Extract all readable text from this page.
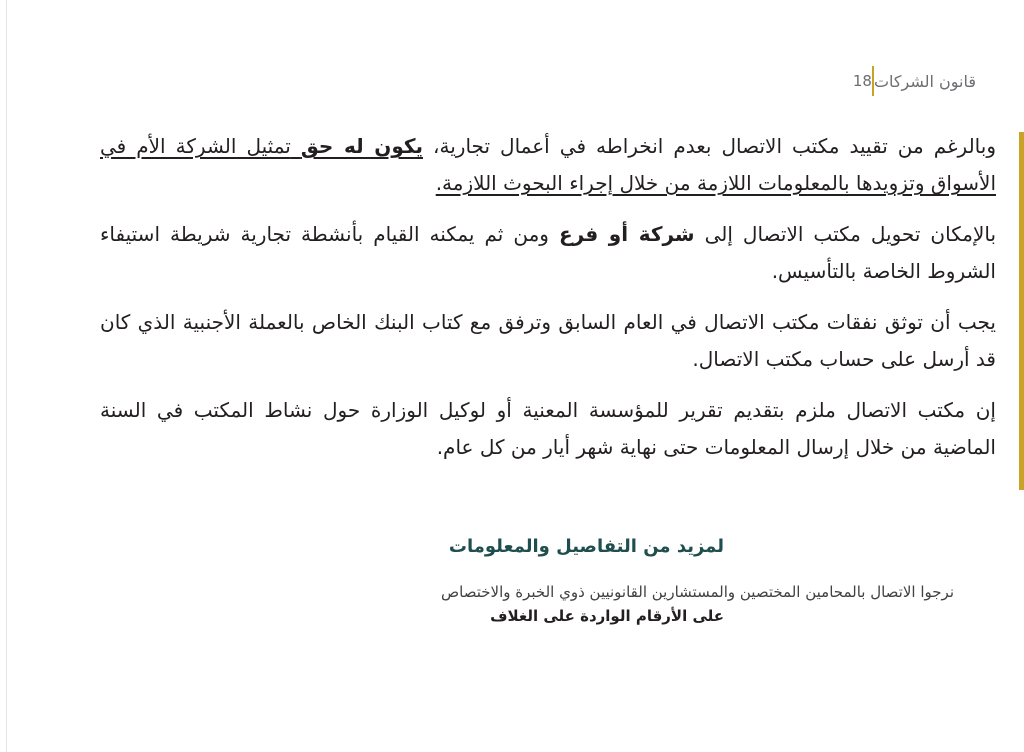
قانون الشركات
18

وبالرغم من تقييد مكتب الاتصال بعدم انخراطه في أعمال تجارية، يكون له حق تمثيل الشركة الأم في الأسواق وتزويدها بالمعلومات اللازمة من خلال إجراء البحوث اللازمة.

بالإمكان تحويل مكتب الاتصال إلى شركة أو فرع ومن ثم يمكنه القيام بأنشطة تجارية شريطة استيفاء الشروط الخاصة بالتأسيس.

يجب أن توثق نفقات مكتب الاتصال في العام السابق وترفق مع كتاب البنك الخاص بالعملة الأجنبية الذي كان قد أرسل على حساب مكتب الاتصال.

إن مكتب الاتصال ملزم بتقديم تقرير للمؤسسة المعنية أو لوكيل الوزارة حول نشاط المكتب في السنة الماضية من خلال إرسال المعلومات حتى نهاية شهر أيار من كل عام.

لمزيد من التفاصيل والمعلومات
نرجوا الاتصال بالمحامين المختصين والمستشارين القانونيين ذوي الخبرة والاختصاص
على الأرقام الواردة على الغلاف
